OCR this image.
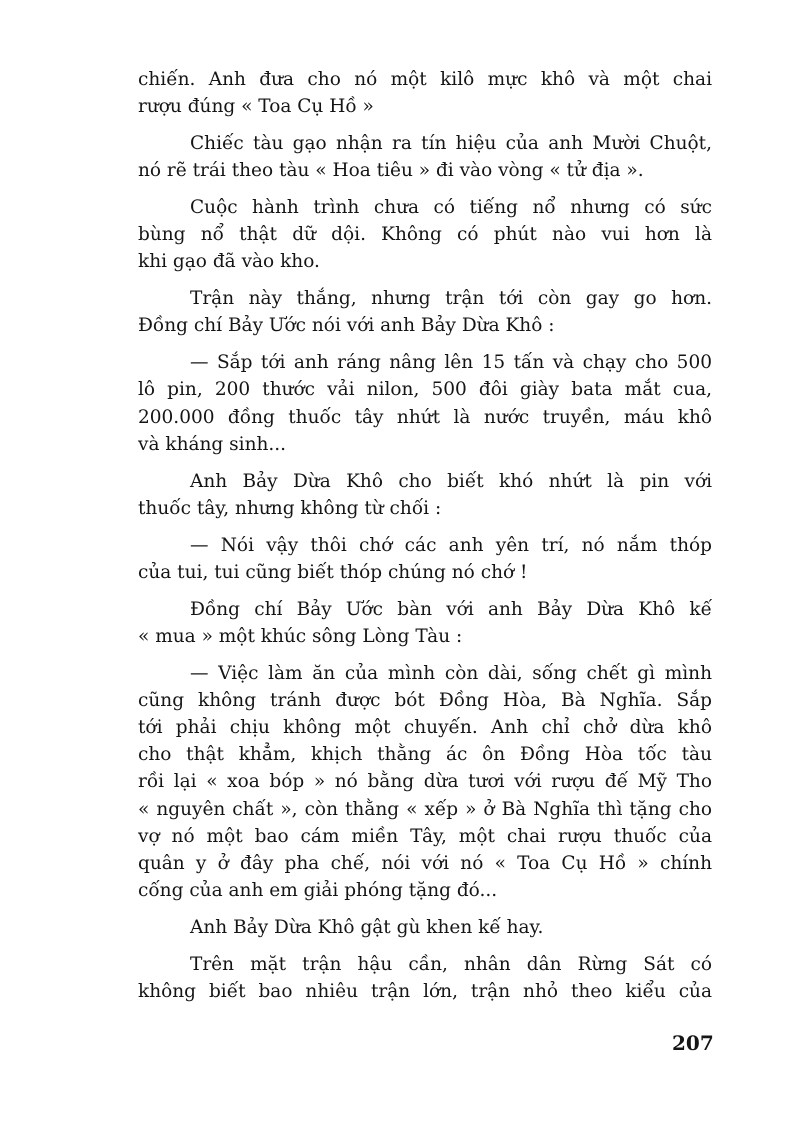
chiến. Anh đưa cho nó một kilô mực khô và một chai
rượu đúng « Toa Cụ Hồ »
Chiếc tàu gạo nhận ra tín hiệu của anh Mười Chuột,
nó rẽ trái theo tàu « Hoa tiêu » đi vào vòng « tử địa ».
Cuộc hành trình chưa có tiếng nổ nhưng có sức
bùng nổ thật dữ dội. Không có phút nào vui hơn là
khi gạo đã vào kho.
Trận này thắng, nhưng trận tới còn gay go hơn.
Đồng chí Bảy Ước nói với anh Bảy Dừa Khô :
— Sắp tới anh ráng nâng lên 15 tấn và chạy cho 500
lô pin, 200 thước vải nilon, 500 đôi giày bata mắt cua,
200.000 đồng thuốc tây nhứt là nước truyền, máu khô
và kháng sinh...
Anh Bảy Dừa Khô cho biết khó nhứt là pin với
thuốc tây, nhưng không từ chối :
— Nói vậy thôi chớ các anh yên trí, nó nắm thóp
của tui, tui cũng biết thóp chúng nó chớ !
Đồng chí Bảy Ước bàn với anh Bảy Dừa Khô kế
« mua » một khúc sông Lòng Tàu :
— Việc làm ăn của mình còn dài, sống chết gì mình
cũng không tránh được bót Đồng Hòa, Bà Nghĩa. Sắp
tới phải chịu không một chuyến. Anh chỉ chở dừa khô
cho thật khẳm, khịch thằng ác ôn Đồng Hòa tốc tàu
rồi lại « xoa bóp » nó bằng dừa tươi với rượu đế Mỹ Tho
« nguyên chất », còn thằng « xếp » ở Bà Nghĩa thì tặng cho
vợ nó một bao cám miền Tây, một chai rượu thuốc của
quân y ở đây pha chế, nói với nó « Toa Cụ Hồ » chính
cống của anh em giải phóng tặng đó...
Anh Bảy Dừa Khô gật gù khen kế hay.
Trên mặt trận hậu cần, nhân dân Rừng Sát có
không biết bao nhiêu trận lớn, trận nhỏ theo kiểu của
207
